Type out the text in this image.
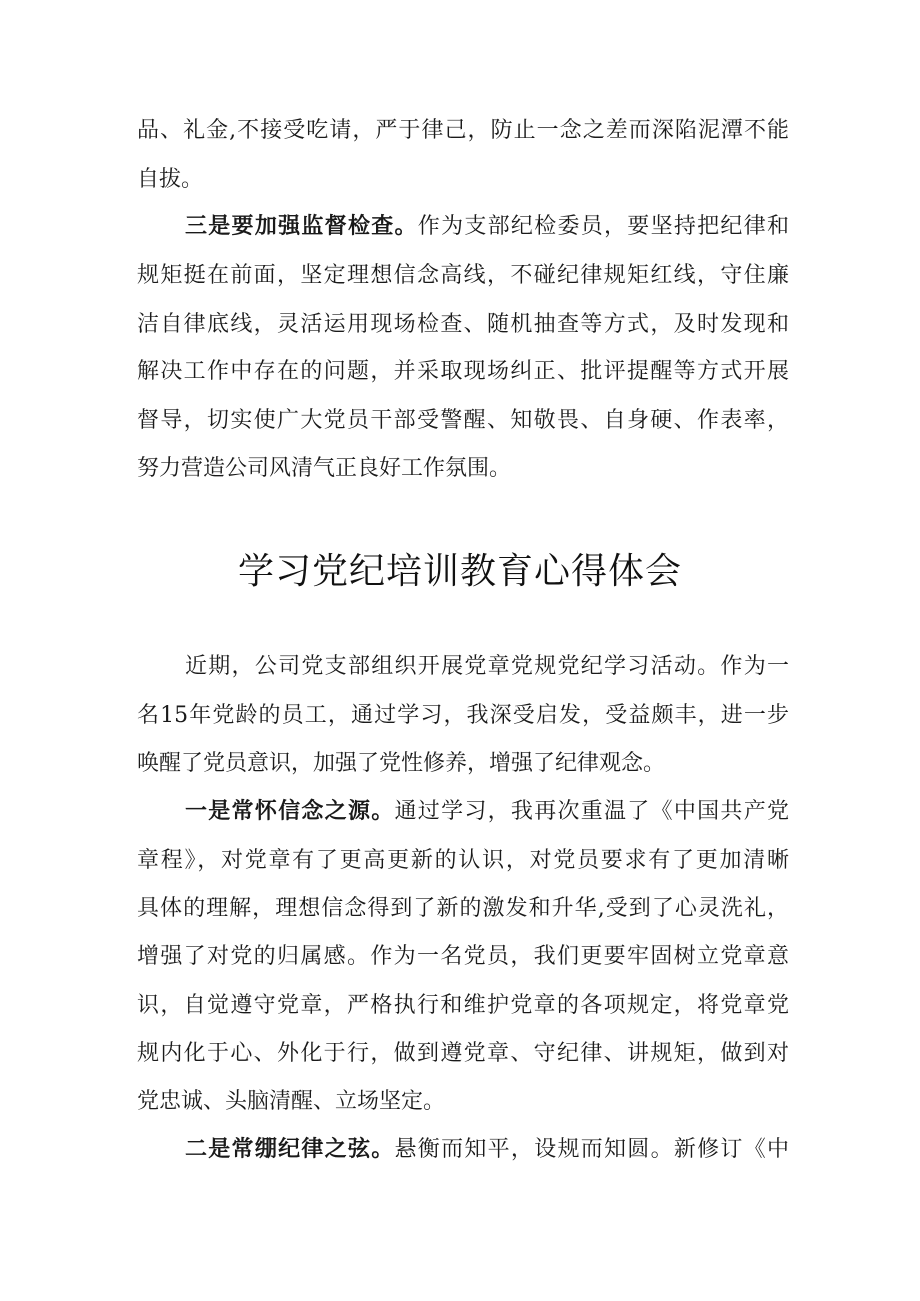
品、礼金,不接受吃请，严于律己，防止一念之差而深陷泥潭不能
自拔。
三是要加强监督检查。作为支部纪检委员，要坚持把纪律和
规矩挺在前面，坚定理想信念高线，不碰纪律规矩红线，守住廉
洁自律底线，灵活运用现场检查、随机抽查等方式，及时发现和
解决工作中存在的问题，并采取现场纠正、批评提醒等方式开展
督导，切实使广大党员干部受警醒、知敬畏、自身硬、作表率，
努力营造公司风清气正良好工作氛围。
学习党纪培训教育心得体会
近期，公司党支部组织开展党章党规党纪学习活动。作为一
名15年党龄的员工，通过学习，我深受启发，受益颇丰，进一步
唤醒了党员意识，加强了党性修养，增强了纪律观念。
一是常怀信念之源。通过学习，我再次重温了《中国共产党
章程》，对党章有了更高更新的认识，对党员要求有了更加清晰
具体的理解，理想信念得到了新的激发和升华,受到了心灵洗礼，
增强了对党的归属感。作为一名党员，我们更要牢固树立党章意
识，自觉遵守党章，严格执行和维护党章的各项规定，将党章党
规内化于心、外化于行，做到遵党章、守纪律、讲规矩，做到对
党忠诚、头脑清醒、立场坚定。
二是常绷纪律之弦。悬衡而知平，设规而知圆。新修订《中
